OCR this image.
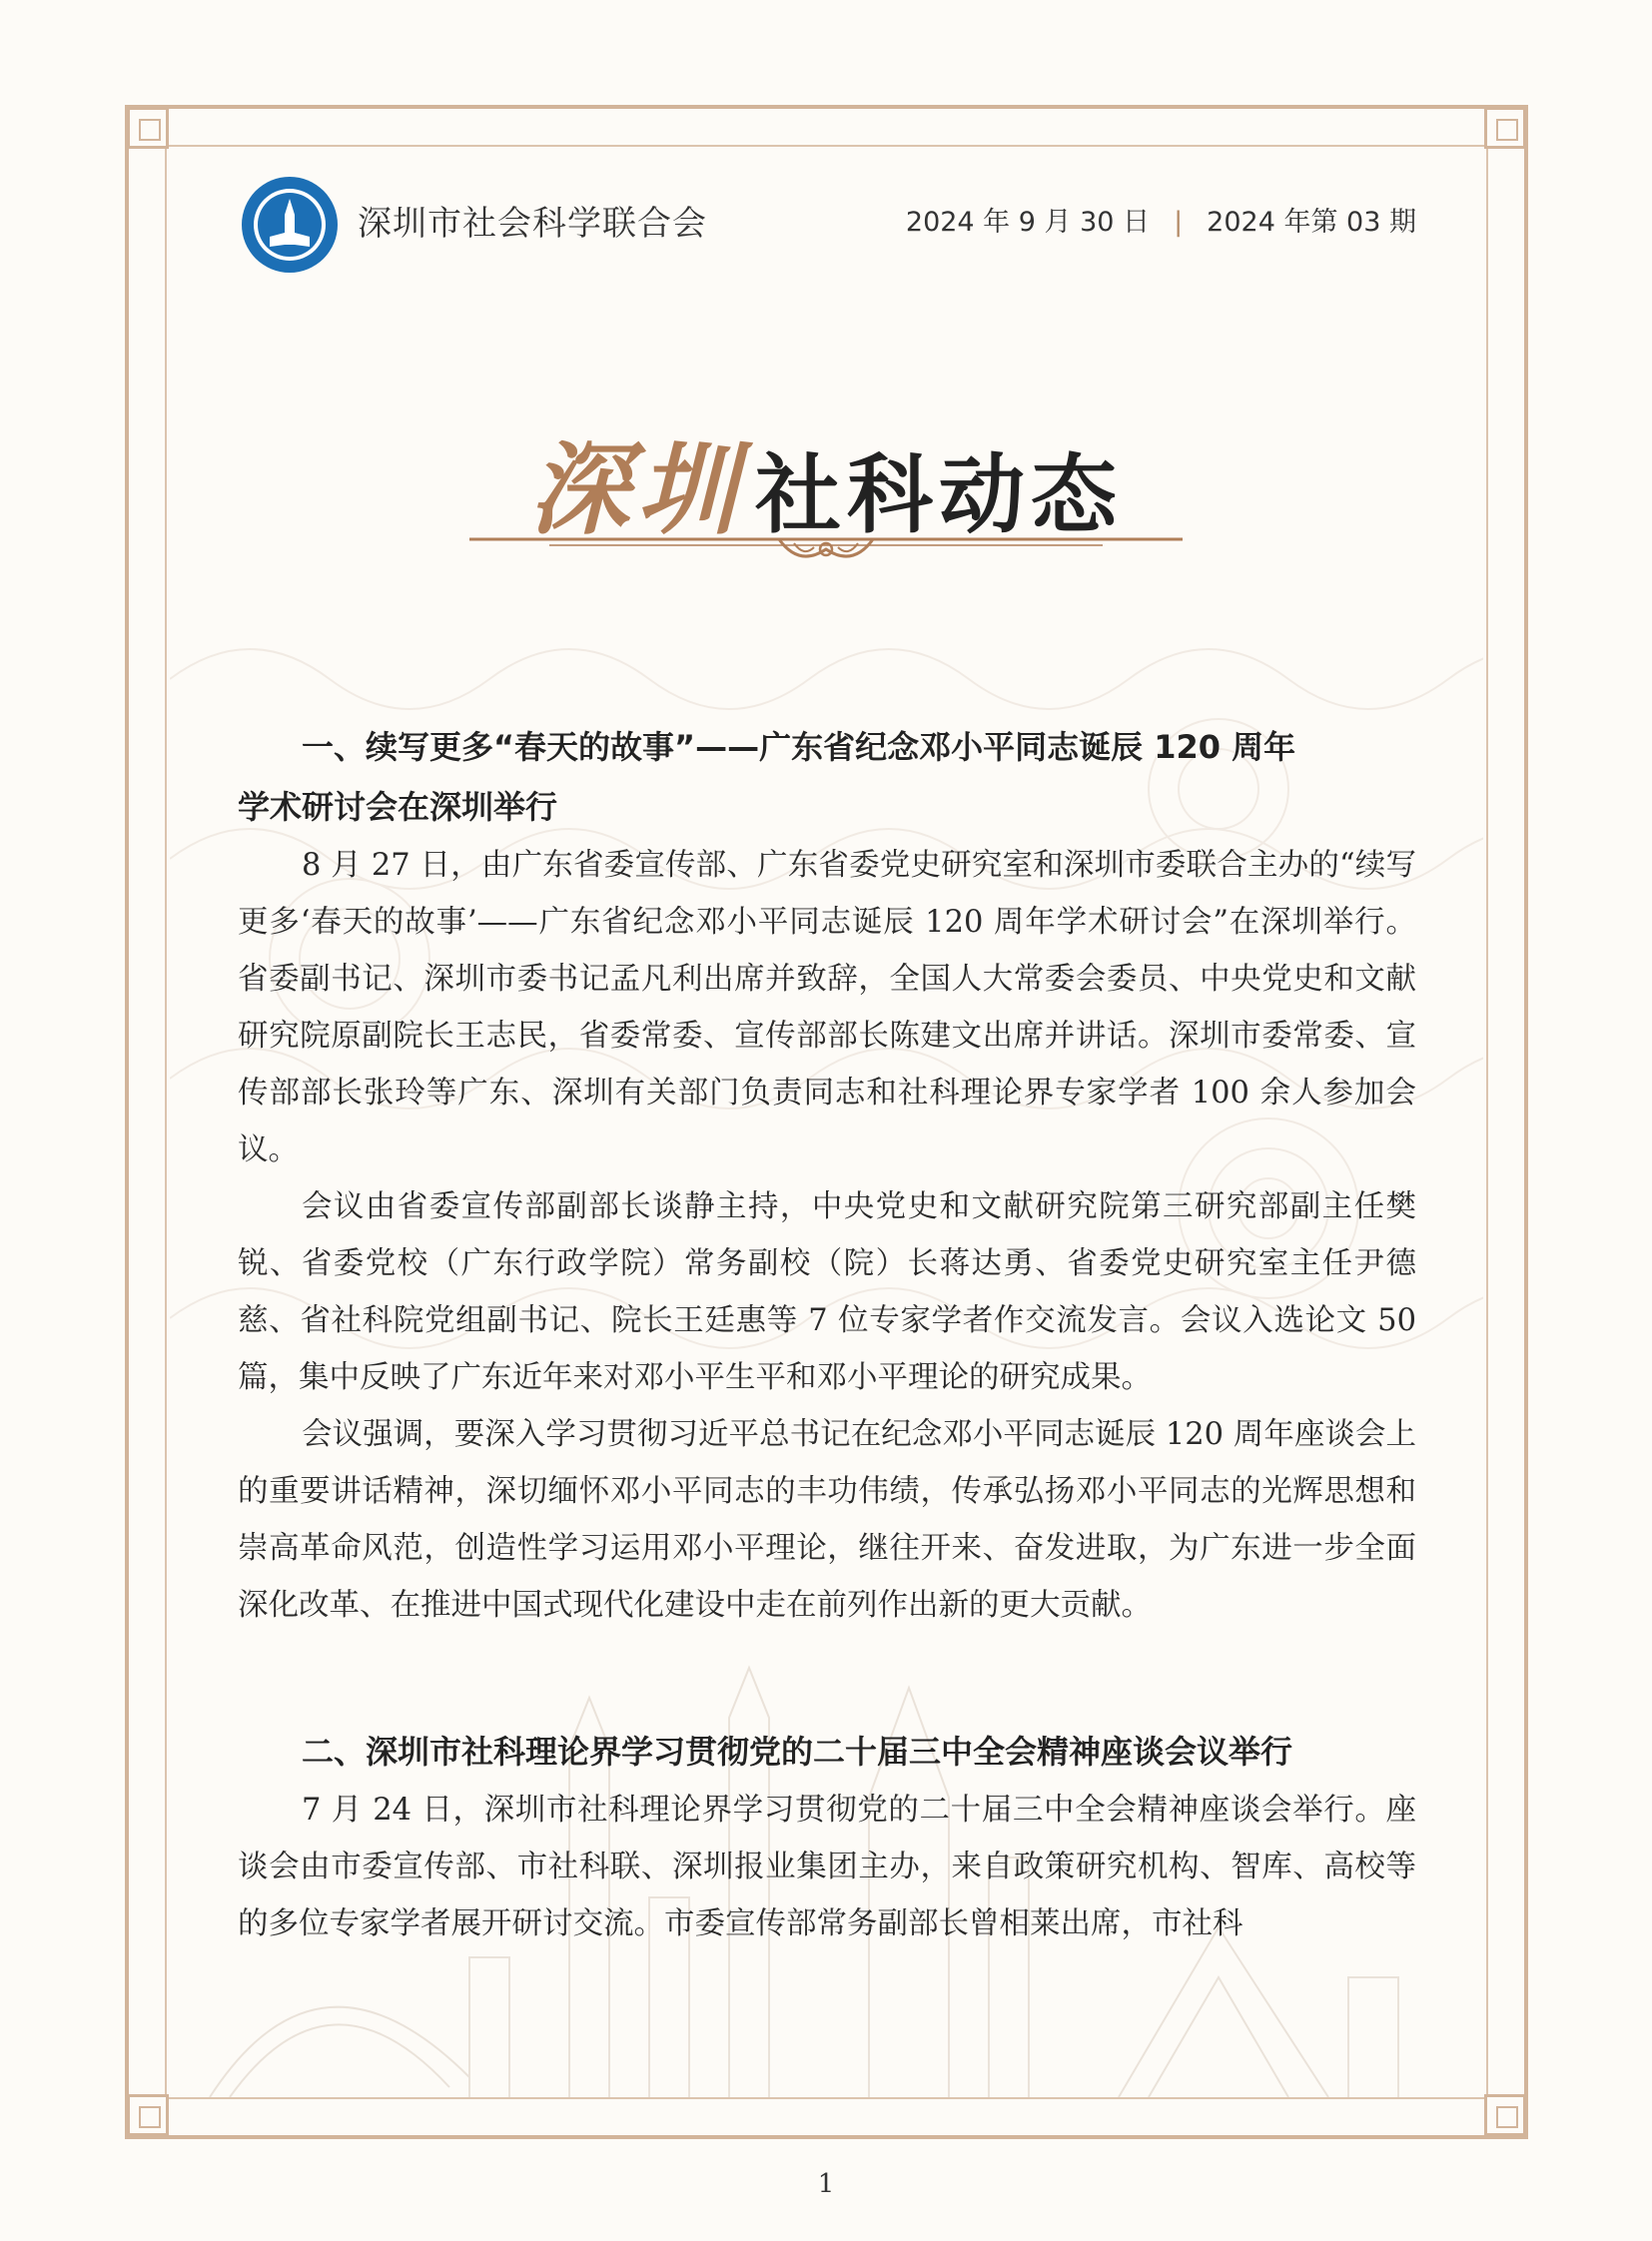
深圳市社会科学联合会	2024 年 9 月 30 日 | 2024 年第 03 期
深圳 社科动态
一、续写更多“春天的故事”——广东省纪念邓小平同志诞辰 120 周年
学术研讨会在深圳举行

8 月 27 日，由广东省委宣传部、广东省委党史研究室和深圳市委联合主办的“续写更多‘春天的故事’——广东省纪念邓小平同志诞辰 120 周年学术研讨会”在深圳举行。省委副书记、深圳市委书记孟凡利出席并致辞，全国人大常委会委员、中央党史和文献研究院原副院长王志民，省委常委、宣传部部长陈建文出席并讲话。深圳市委常委、宣传部部长张玲等广东、深圳有关部门负责同志和社科理论界专家学者 100 余人参加会议。

会议由省委宣传部副部长谈静主持，中央党史和文献研究院第三研究部副主任樊锐、省委党校（广东行政学院）常务副校（院）长蒋达勇、省委党史研究室主任尹德慈、省社科院党组副书记、院长王廷惠等 7 位专家学者作交流发言。会议入选论文 50 篇，集中反映了广东近年来对邓小平生平和邓小平理论的研究成果。

会议强调，要深入学习贯彻习近平总书记在纪念邓小平同志诞辰 120 周年座谈会上的重要讲话精神，深切缅怀邓小平同志的丰功伟绩，传承弘扬邓小平同志的光辉思想和崇高革命风范，创造性学习运用邓小平理论，继往开来、奋发进取，为广东进一步全面深化改革、在推进中国式现代化建设中走在前列作出新的更大贡献。

二、深圳市社科理论界学习贯彻党的二十届三中全会精神座谈会议举行

7 月 24 日，深圳市社科理论界学习贯彻党的二十届三中全会精神座谈会举行。座谈会由市委宣传部、市社科联、深圳报业集团主办，来自政策研究机构、智库、高校等的多位专家学者展开研讨交流。市委宣传部常务副部长曾相莱出席，市社科

1
